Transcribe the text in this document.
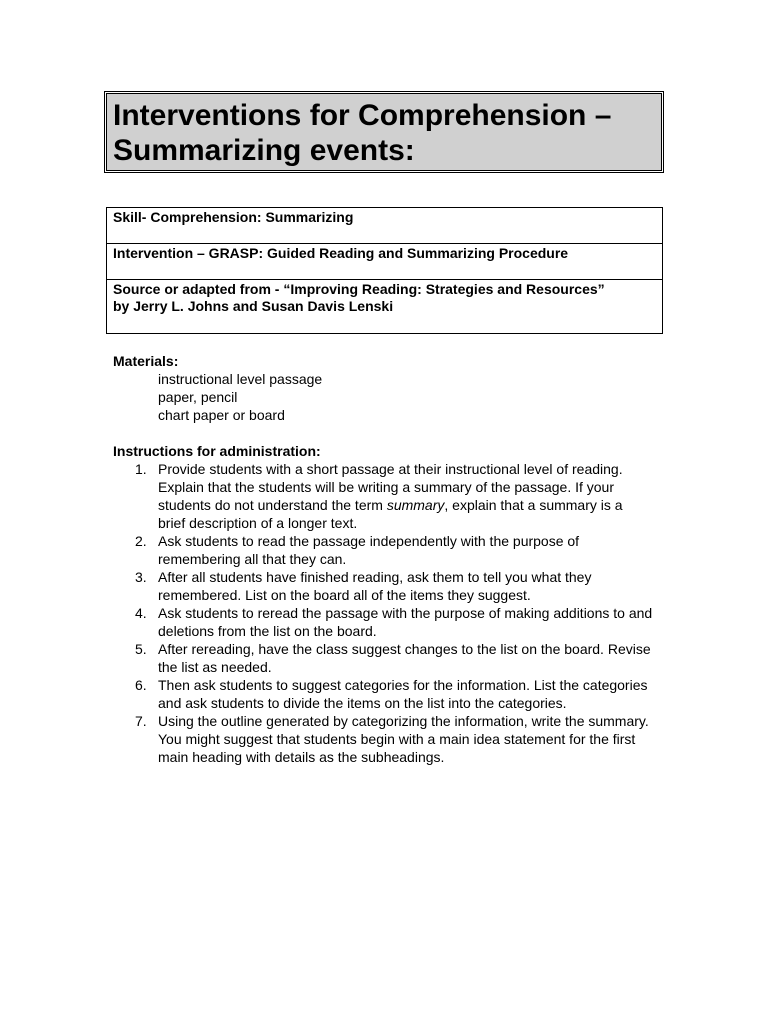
Interventions for Comprehension –
Summarizing events:
Skill- Comprehension: Summarizing
Intervention – GRASP: Guided Reading and Summarizing Procedure
Source or adapted from - “Improving Reading: Strategies and Resources”
by Jerry L. Johns and Susan Davis Lenski
Materials:
instructional level passage
paper, pencil
chart paper or board
Instructions for administration:
1. Provide students with a short passage at their instructional level of reading. Explain that the students will be writing a summary of the passage. If your students do not understand the term summary, explain that a summary is a brief description of a longer text.
2. Ask students to read the passage independently with the purpose of remembering all that they can.
3. After all students have finished reading, ask them to tell you what they remembered. List on the board all of the items they suggest.
4. Ask students to reread the passage with the purpose of making additions to and deletions from the list on the board.
5. After rereading, have the class suggest changes to the list on the board. Revise the list as needed.
6. Then ask students to suggest categories for the information. List the categories and ask students to divide the items on the list into the categories.
7. Using the outline generated by categorizing the information, write the summary. You might suggest that students begin with a main idea statement for the first main heading with details as the subheadings.
